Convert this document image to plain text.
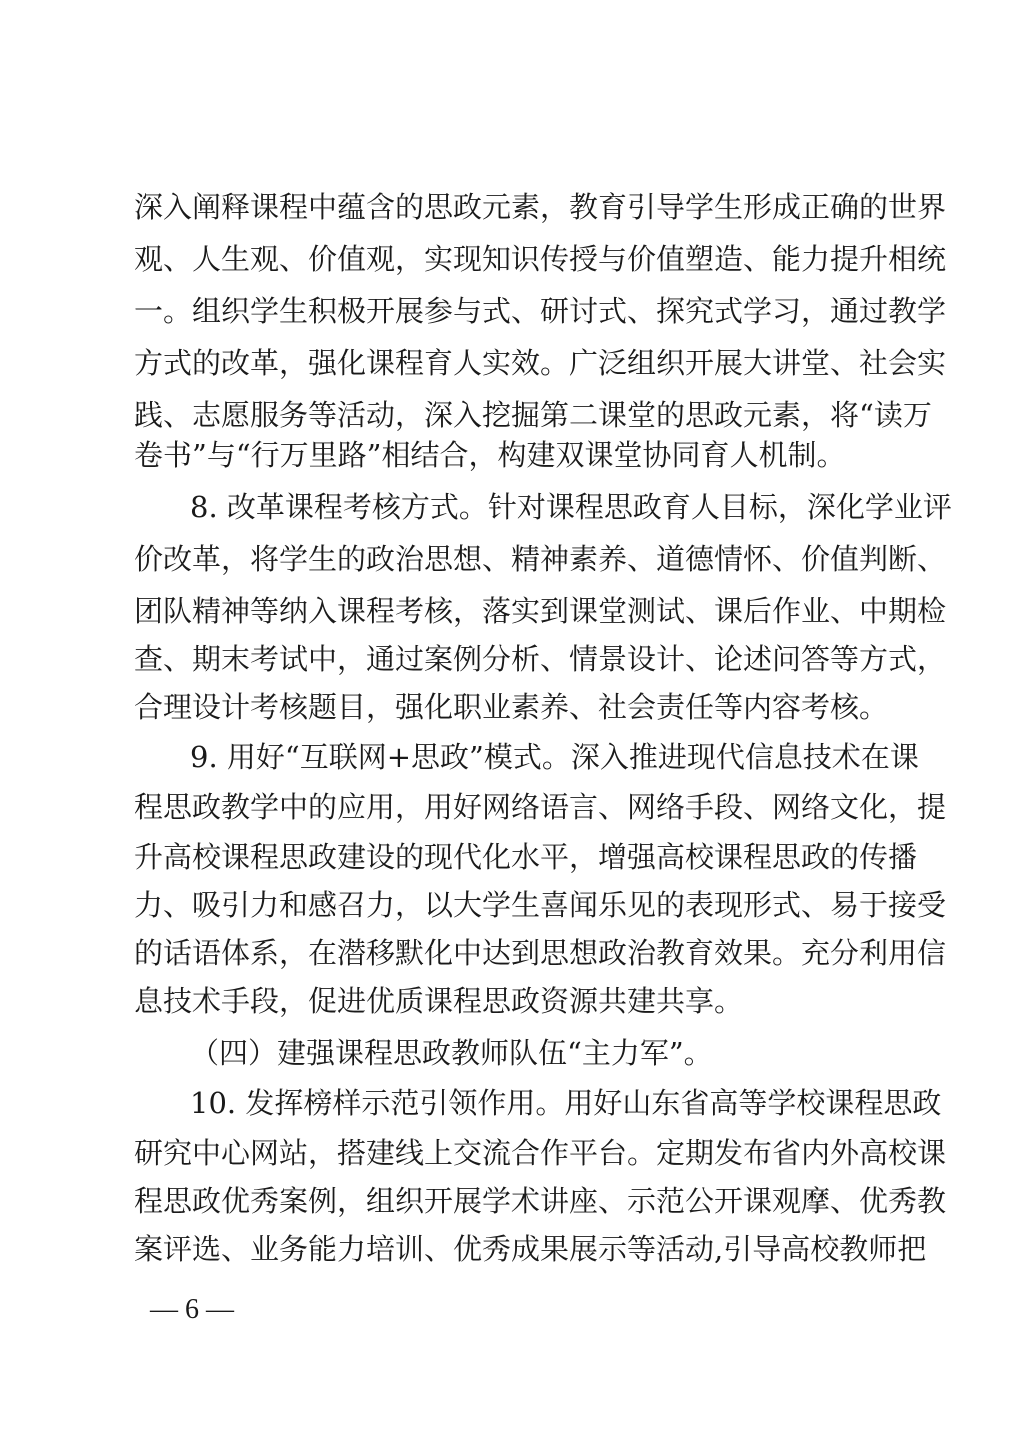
深入阐释课程中蕴含的思政元素，教育引导学生形成正确的世界
观、人生观、价值观，实现知识传授与价值塑造、能力提升相统
一。组织学生积极开展参与式、研讨式、探究式学习，通过教学
方式的改革，强化课程育人实效。广泛组织开展大讲堂、社会实
践、志愿服务等活动，深入挖掘第二课堂的思政元素，将“读万
卷书”与“行万里路”相结合，构建双课堂协同育人机制。
8. 改革课程考核方式。针对课程思政育人目标，深化学业评
价改革，将学生的政治思想、精神素养、道德情怀、价值判断、
团队精神等纳入课程考核，落实到课堂测试、课后作业、中期检
查、期末考试中，通过案例分析、情景设计、论述问答等方式，
合理设计考核题目，强化职业素养、社会责任等内容考核。
9. 用好“互联网+思政”模式。深入推进现代信息技术在课
程思政教学中的应用，用好网络语言、网络手段、网络文化，提
升高校课程思政建设的现代化水平，增强高校课程思政的传播
力、吸引力和感召力，以大学生喜闻乐见的表现形式、易于接受
的话语体系，在潜移默化中达到思想政治教育效果。充分利用信
息技术手段，促进优质课程思政资源共建共享。
（四）建强课程思政教师队伍“主力军”。
10. 发挥榜样示范引领作用。用好山东省高等学校课程思政
研究中心网站，搭建线上交流合作平台。定期发布省内外高校课
程思政优秀案例，组织开展学术讲座、示范公开课观摩、优秀教
案评选、业务能力培训、优秀成果展示等活动,引导高校教师把
— 6 —
